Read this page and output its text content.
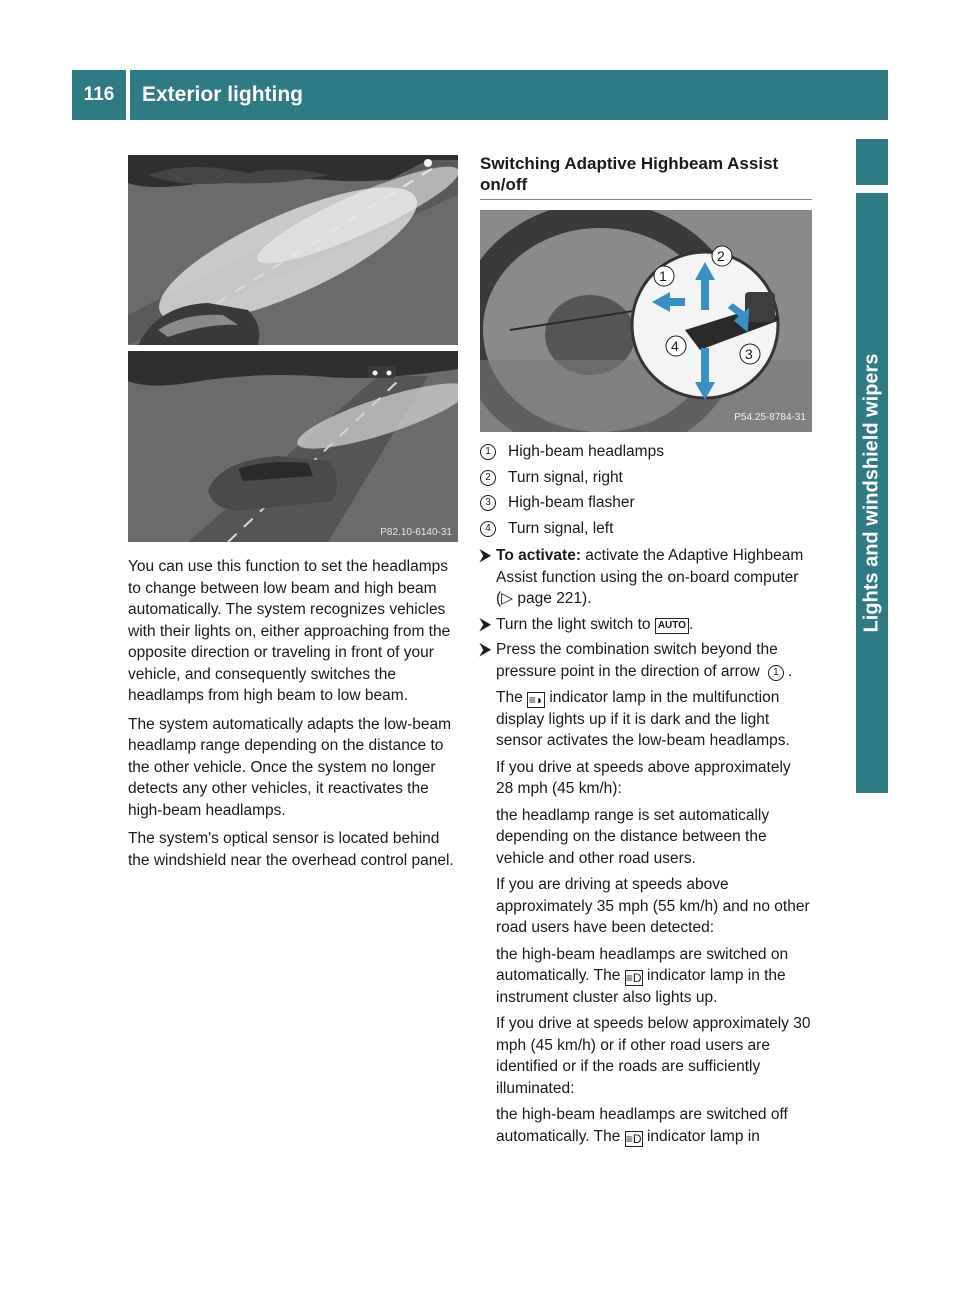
116	Exterior lighting
Lights and windshield wipers
P82.10-6140-31

You can use this function to set the headlamps to change between low beam and high beam automatically. The system recognizes vehicles with their lights on, either approaching from the opposite direction or traveling in front of your vehicle, and consequently switches the headlamps from high beam to low beam.

The system automatically adapts the low-beam headlamp range depending on the distance to the other vehicle. Once the system no longer detects any other vehicles, it reactivates the high-beam headlamps.

The system's optical sensor is located behind the windshield near the overhead control panel.

Switching Adaptive Highbeam Assist on/off
1
2
3
4
P54.25-8784-31
1	High-beam headlamps
2	Turn signal, right
3	High-beam flasher
4	Turn signal, left
⮞ To activate: activate the Adaptive Highbeam Assist function using the on-board computer (▷ page 221).
⮞ Turn the light switch to AUTO .
⮞ Press the combination switch beyond the pressure point in the direction of arrow 1 .

The ≡◗ indicator lamp in the multifunction display lights up if it is dark and the light sensor activates the low-beam headlamps.

If you drive at speeds above approximately 28 mph (45 km/h):

the headlamp range is set automatically depending on the distance between the vehicle and other road users.

If you are driving at speeds above approximately 35 mph (55 km/h) and no other road users have been detected:

the high-beam headlamps are switched on automatically. The ≡D indicator lamp in the instrument cluster also lights up.

If you drive at speeds below approximately 30 mph (45 km/h) or if other road users are identified or if the roads are sufficiently illuminated:

the high-beam headlamps are switched off automatically. The ≡D indicator lamp in
